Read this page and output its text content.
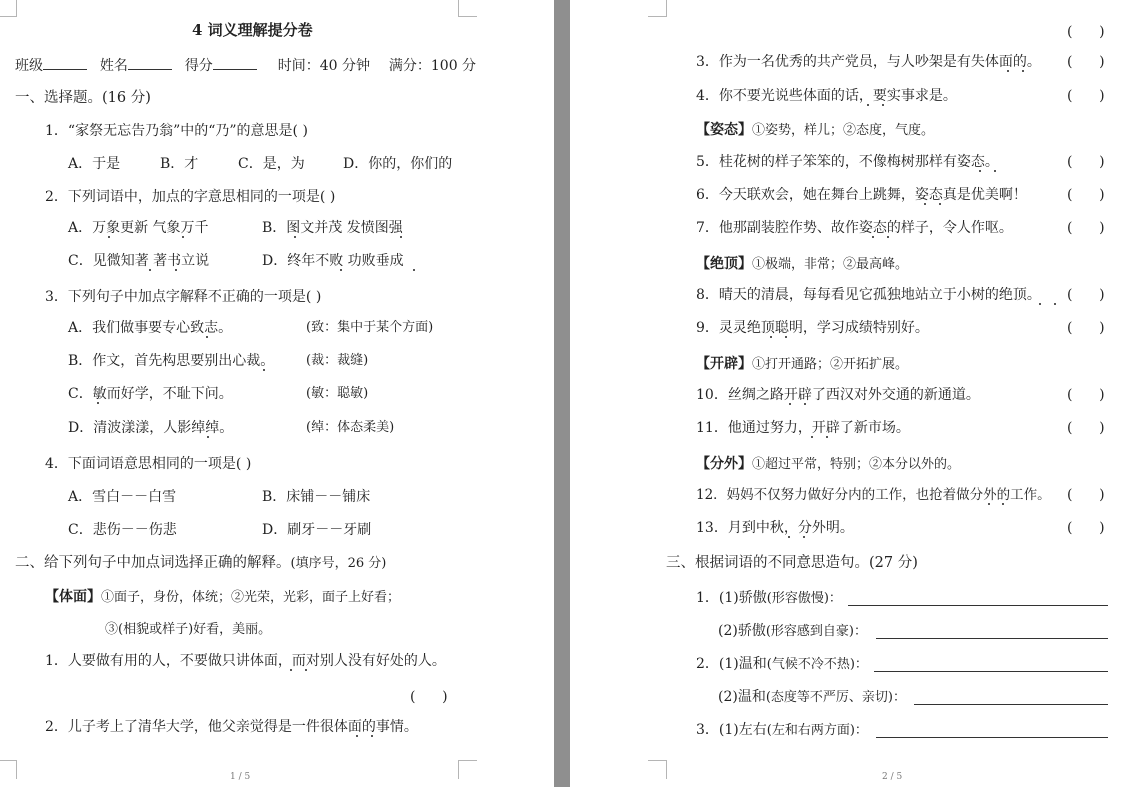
4 词义理解提分卷
班级	姓名	得分	时间：40 分钟 满分：100 分
一、选择题。(16 分)
1．“家祭无忘告乃翁”中的“乃”的意思是( )
A．于是	B．才	C．是，为	D．你的，你们的
2．下列词语中，加点的字意思相同的一项是( )
A．万象更新 气象万千	B．图文并茂 发愤图强
C．见微知著 著书立说	D．终年不败 功败垂成
3．下列句子中加点字解释不正确的一项是( )
A．我们做事要专心致志。	(致：集中于某个方面)
B．作文，首先构思要别出心裁。 (裁：裁缝)
C．敏而好学，不耻下问。	(敏：聪敏)
D．清波漾漾，人影绰绰。	(绰：体态柔美)
4．下面词语意思相同的一项是( )
A．雪白－－白雪	B．床铺－－铺床
C．悲伤－－伤悲	D．刷牙－－牙刷
二、给下列句子中加点词选择正确的解释。(填序号，26 分)
【体面】①面子，身份，体统；②光荣，光彩，面子上好看；
③(相貌或样子)好看，美丽。
1．人要做有用的人，不要做只讲体面，而对别人没有好处的人。
(      )
2．儿子考上了清华大学，他父亲觉得是一件很体面的事情。
1 / 5
(      )
3．作为一名优秀的共产党员，与人吵架是有失体面的。 (      )
4．你不要光说些体面的话，要实事求是。	(      )
【姿态】①姿势，样儿；②态度，气度。
5．桂花树的样子笨笨的，不像梅树那样有姿态。	(      )
6．今天联欢会，她在舞台上跳舞，姿态真是优美啊！	(      )
7．他那副装腔作势、故作姿态的样子，令人作呕。	(      )
【绝顶】①极端，非常；②最高峰。
8．晴天的清晨，每每看见它孤独地站立于小树的绝顶。 (      )
9．灵灵绝顶聪明，学习成绩特别好。	(      )
【开辟】①打开通路；②开拓扩展。
10．丝绸之路开辟了西汉对外交通的新通道。	(      )
11．他通过努力，开辟了新市场。	(      )
【分外】①超过平常，特别；②本分以外的。
12．妈妈不仅努力做好分内的工作，也抢着做分外的工作。 (      )
13．月到中秋，分外明。	(      )
三、根据词语的不同意思造句。(27 分)
1．(1)骄傲(形容傲慢)：
(2)骄傲(形容感到自豪)：
2．(1)温和(气候不冷不热)：
(2)温和(态度等不严厉、亲切)：
3．(1)左右(左和右两方面)：
2 / 5
